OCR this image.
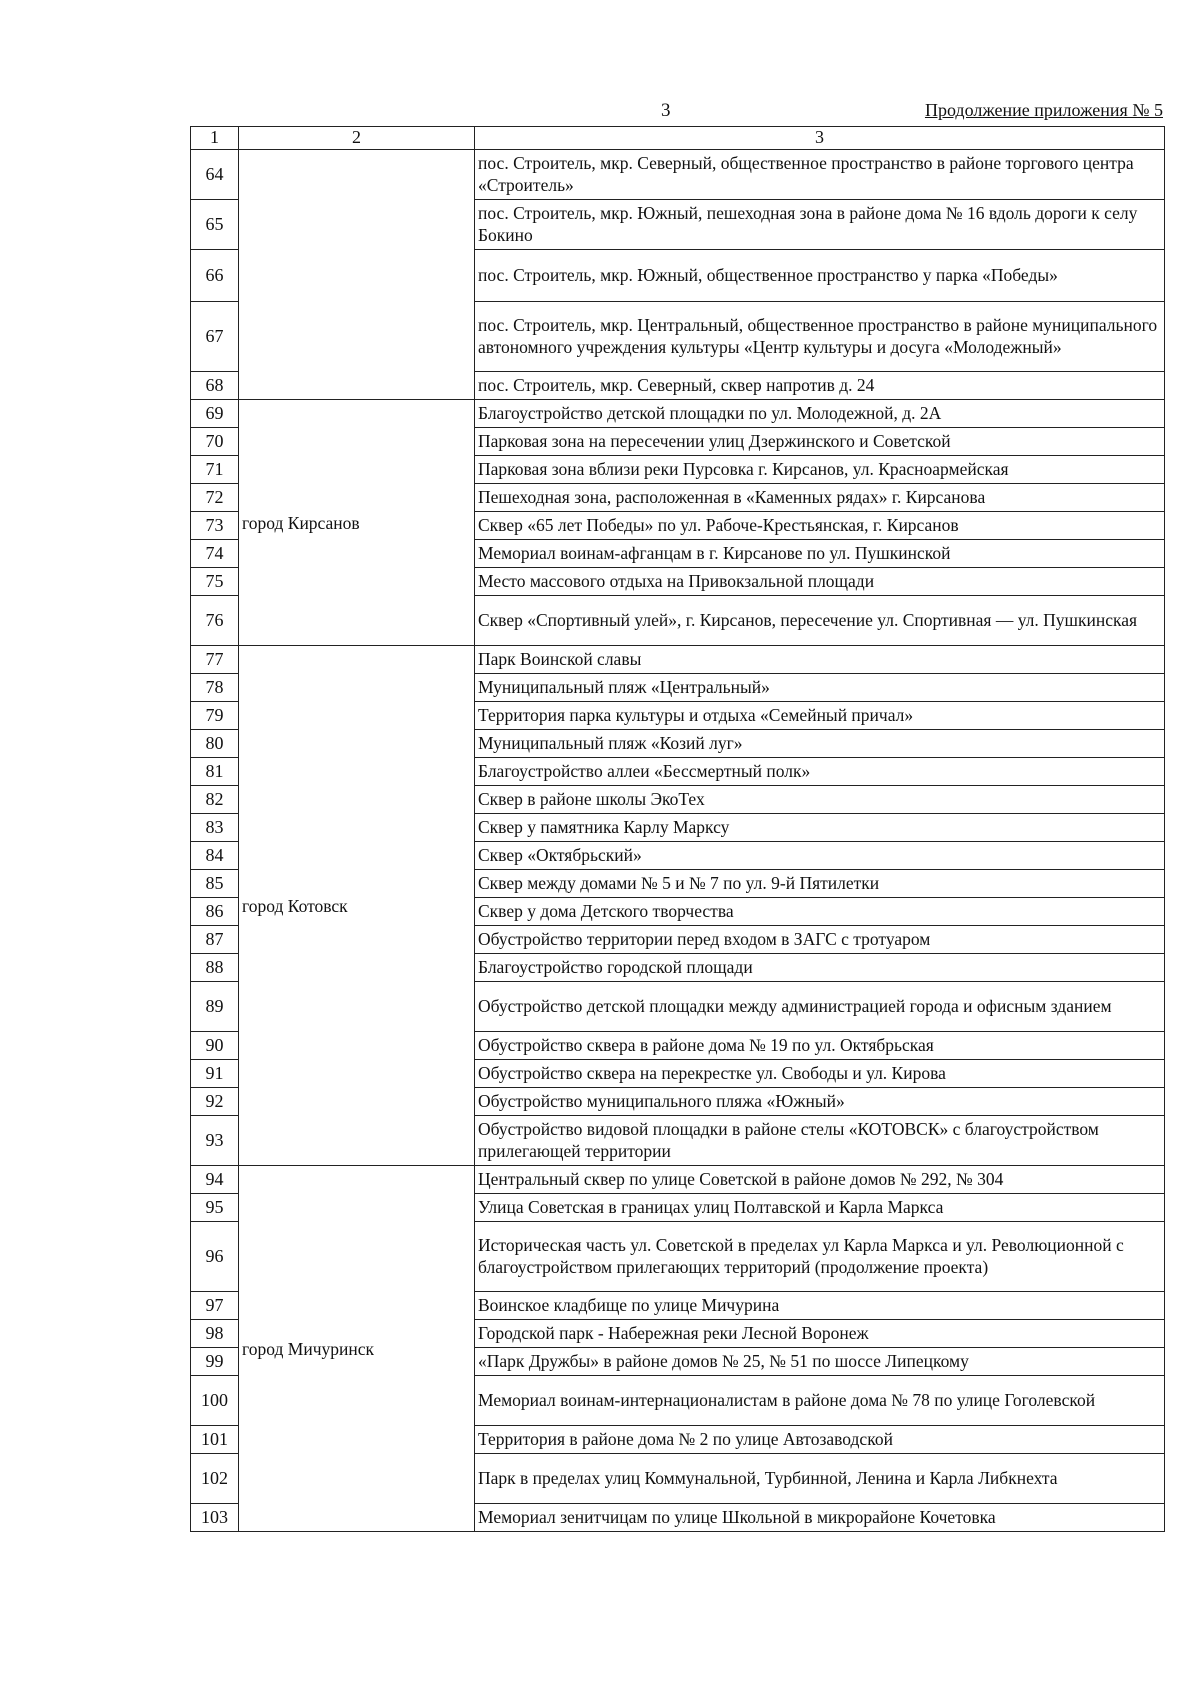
3	Продолжение приложения № 5
1	2	3
64		пос. Строитель, мкр. Северный, общественное пространство в районе торгового центра «Строитель»
65		пос. Строитель, мкр. Южный, пешеходная зона в районе дома № 16 вдоль дороги к селу Бокино
66		пос. Строитель, мкр. Южный, общественное пространство у парка «Победы»
67		пос. Строитель, мкр. Центральный, общественное пространство в районе муниципального автономного учреждения культуры «Центр культуры и досуга «Молодежный»
68		пос. Строитель, мкр. Северный, сквер напротив д. 24
69	город Кирсанов	Благоустройство детской площадки по ул. Молодежной, д. 2А
70		Парковая зона на пересечении улиц Дзержинского и Советской
71		Парковая зона вблизи реки Пурсовка г. Кирсанов, ул. Красноармейская
72		Пешеходная зона, расположенная в «Каменных рядах» г. Кирсанова
73		Сквер «65 лет Победы» по ул. Рабоче-Крестьянская, г. Кирсанов
74		Мемориал воинам-афганцам в г. Кирсанове по ул. Пушкинской
75		Место массового отдыха на Привокзальной площади
76		Сквер «Спортивный улей», г. Кирсанов, пересечение ул. Спортивная — ул. Пушкинская
77	город Котовск	Парк Воинской славы
78		Муниципальный пляж «Центральный»
79		Территория парка культуры и отдыха «Семейный причал»
80		Муниципальный пляж «Козий луг»
81		Благоустройство аллеи «Бессмертный полк»
82		Сквер в районе школы ЭкоТех
83		Сквер у памятника Карлу Марксу
84		Сквер «Октябрьский»
85		Сквер между домами № 5 и № 7 по ул. 9-й Пятилетки
86		Сквер у дома Детского творчества
87		Обустройство территории перед входом в ЗАГС с тротуаром
88		Благоустройство городской площади
89		Обустройство детской площадки между администрацией города и офисным зданием
90		Обустройство сквера в районе дома № 19 по ул. Октябрьская
91		Обустройство сквера на перекрестке ул. Свободы и ул. Кирова
92		Обустройство муниципального пляжа «Южный»
93		Обустройство видовой площадки в районе стелы «КОТОВСК» с благоустройством прилегающей территории
94	город Мичуринск	Центральный сквер по улице Советской в районе домов № 292, № 304
95		Улица Советская в границах улиц Полтавской и Карла Маркса
96		Историческая часть ул. Советской в пределах ул Карла Маркса и ул. Революционной с благоустройством прилегающих территорий (продолжение проекта)
97		Воинское кладбище по улице Мичурина
98		Городской парк - Набережная реки Лесной Воронеж
99		«Парк Дружбы» в районе домов № 25, № 51 по шоссе Липецкому
100		Мемориал воинам-интернационалистам в районе дома № 78 по улице Гоголевской
101		Территория в районе дома № 2 по улице Автозаводской
102		Парк в пределах улиц Коммунальной, Турбинной, Ленина и Карла Либкнехта
103		Мемориал зенитчицам по улице Школьной в микрорайоне Кочетовка
